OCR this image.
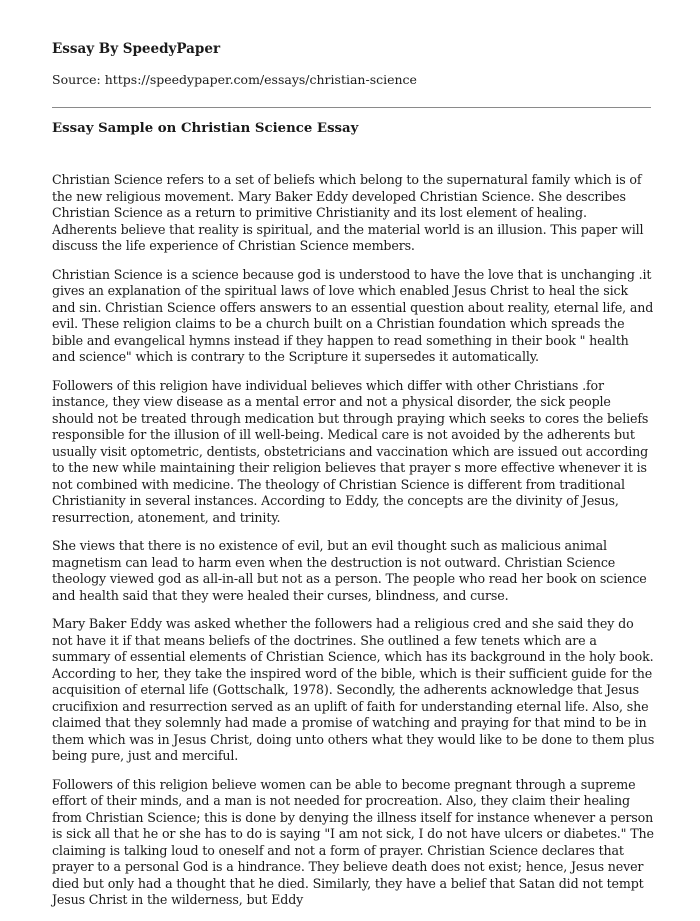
Essay By SpeedyPaper
Source: https://speedypaper.com/essays/christian-science
Essay Sample on Christian Science Essay

Christian Science refers to a set of beliefs which belong to the supernatural family which is of the new religious movement. Mary Baker Eddy developed Christian Science. She describes Christian Science as a return to primitive Christianity and its lost element of healing. Adherents believe that reality is spiritual, and the material world is an illusion. This paper will discuss the life experience of Christian Science members.

Christian Science is a science because god is understood to have the love that is unchanging .it gives an explanation of the spiritual laws of love which enabled Jesus Christ to heal the sick and sin. Christian Science offers answers to an essential question about reality, eternal life, and evil. These religion claims to be a church built on a Christian foundation which spreads the bible and evangelical hymns instead if they happen to read something in their book " health and science" which is contrary to the Scripture it supersedes it automatically.

Followers of this religion have individual believes which differ with other Christians .for instance, they view disease as a mental error and not a physical disorder, the sick people should not be treated through medication but through praying which seeks to cores the beliefs responsible for the illusion of ill well-being. Medical care is not avoided by the adherents but usually visit optometric, dentists, obstetricians and vaccination which are issued out according to the new while maintaining their religion believes that prayer s more effective whenever it is not combined with medicine. The theology of Christian Science is different from traditional Christianity in several instances. According to Eddy, the concepts are the divinity of Jesus, resurrection, atonement, and trinity.

She views that there is no existence of evil, but an evil thought such as malicious animal magnetism can lead to harm even when the destruction is not outward. Christian Science theology viewed god as all-in-all but not as a person. The people who read her book on science and health said that they were healed their curses, blindness, and curse.

Mary Baker Eddy was asked whether the followers had a religious cred and she said they do not have it if that means beliefs of the doctrines. She outlined a few tenets which are a summary of essential elements of Christian Science, which has its background in the holy book. According to her, they take the inspired word of the bible, which is their sufficient guide for the acquisition of eternal life (Gottschalk, 1978). Secondly, the adherents acknowledge that Jesus crucifixion and resurrection served as an uplift of faith for understanding eternal life. Also, she claimed that they solemnly had made a promise of watching and praying for that mind to be in them which was in Jesus Christ, doing unto others what they would like to be done to them plus being pure, just and merciful.

Followers of this religion believe women can be able to become pregnant through a supreme effort of their minds, and a man is not needed for procreation. Also, they claim their healing from Christian Science; this is done by denying the illness itself for instance whenever a person is sick all that he or she has to do is saying "I am not sick, I do not have ulcers or diabetes." The claiming is talking loud to oneself and not a form of prayer. Christian Science declares that prayer to a personal God is a hindrance. They believe death does not exist; hence, Jesus never died but only had a thought that he died. Similarly, they have a belief that Satan did not tempt Jesus Christ in the wilderness, but Eddy
